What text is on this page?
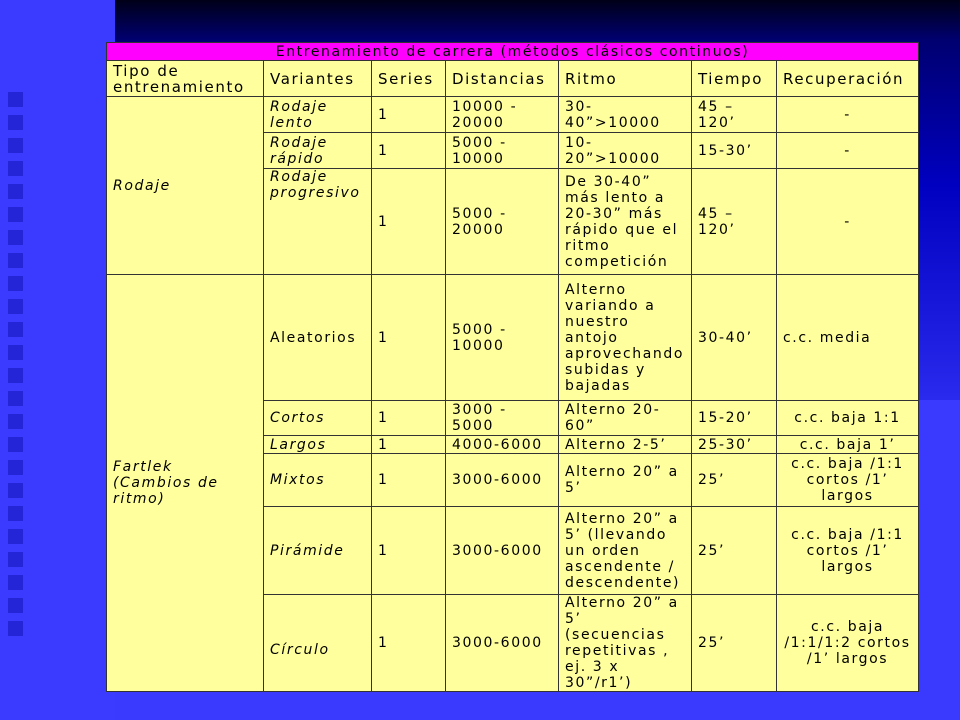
Entrenamiento de carrera (métodos clásicos continuos)						
Tipo de entrenamiento	Variantes	Series	Distancias	Ritmo	Tiempo	Recuperación
Rodaje	Rodaje lento	1	10000 - 20000	30-40”>10000	45 – 120’	-
	Rodaje rápido	1	5000 - 10000	10-20”>10000	15-30’	-
	Rodaje progresivo	1	5000 - 20000	De 30-40” más lento a 20-30” más rápido que el ritmo competición	45 – 120’	-
Fartlek (Cambios de ritmo)	Aleatorios	1	5000 - 10000	Alterno variando a nuestro antojo aprovechando subidas y bajadas	30-40’	c.c. media
	Cortos	1	3000 - 5000	Alterno 20-60”	15-20’	c.c. baja 1:1
	Largos	1	4000-6000	Alterno 2-5’	25-30’	c.c. baja 1’
	Mixtos	1	3000-6000	Alterno 20” a 5’	25’	c.c. baja /1:1 cortos /1’ largos
	Pirámide	1	3000-6000	Alterno 20” a 5’ (llevando un orden ascendente / descendente)	25’	c.c. baja /1:1 cortos /1’ largos
	Círculo	1	3000-6000	Alterno 20” a 5’ (secuencias repetitivas , ej. 3 x 30”/r1’)	25’	c.c. baja /1:1/1:2 cortos /1’ largos
